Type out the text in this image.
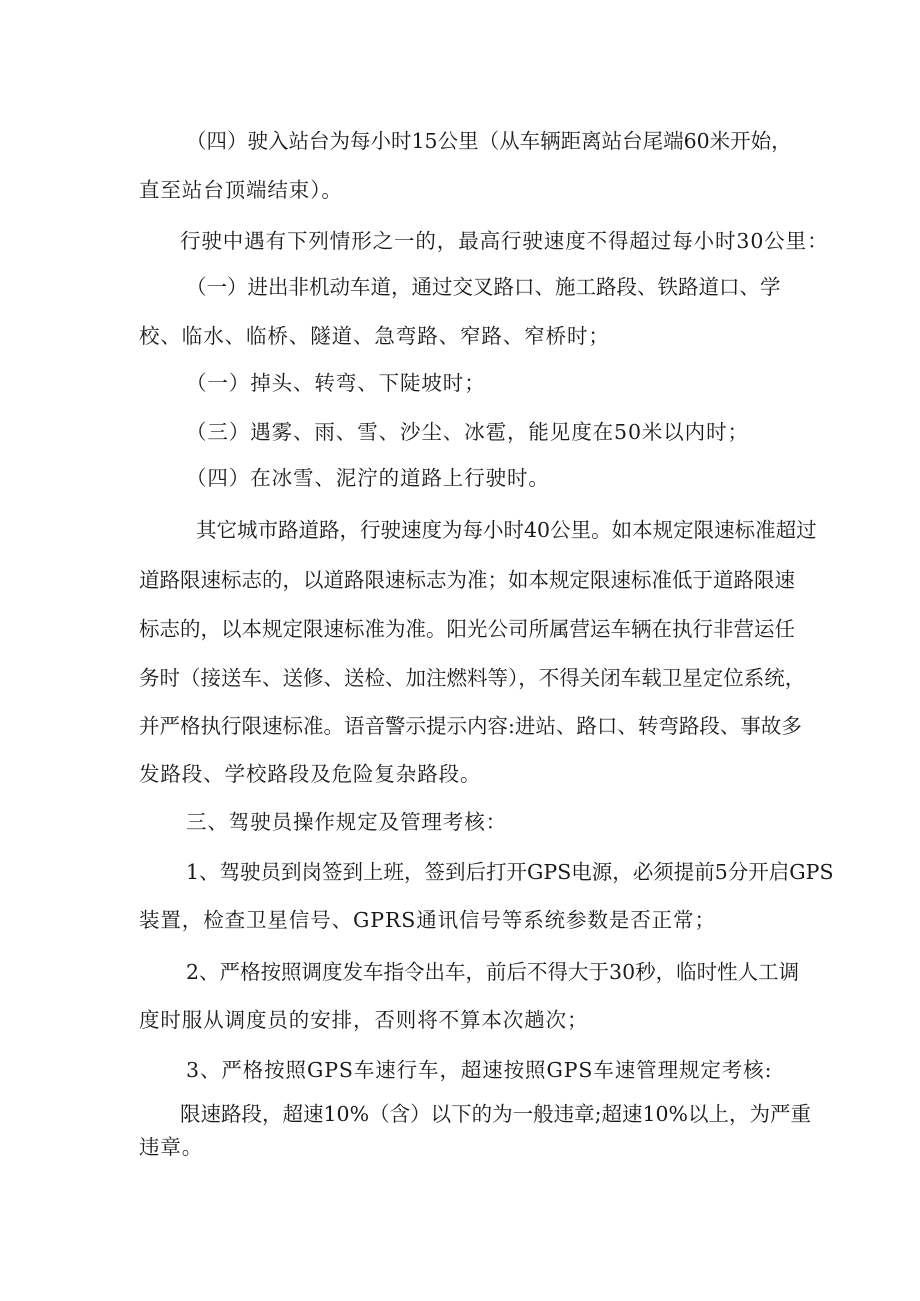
（四）驶入站台为每小时15公里（从车辆距离站台尾端60米开始，

直至站台顶端结束）。

行驶中遇有下列情形之一的，最高行驶速度不得超过每小时30公里：

（一）进出非机动车道，通过交叉路口、施工路段、铁路道口、学

校、临水、临桥、隧道、急弯路、窄路、窄桥时；

（一）掉头、转弯、下陡坡时；

（三）遇雾、雨、雪、沙尘、冰雹，能见度在50米以内时；

（四）在冰雪、泥泞的道路上行驶时。

其它城市路道路，行驶速度为每小时40公里。如本规定限速标准超过

道路限速标志的，以道路限速标志为准；如本规定限速标准低于道路限速

标志的，以本规定限速标准为准。阳光公司所属营运车辆在执行非营运任

务时（接送车、送修、送检、加注燃料等），不得关闭车载卫星定位系统，

并严格执行限速标准。语音警示提示内容:进站、路口、转弯路段、事故多

发路段、学校路段及危险复杂路段。

三、驾驶员操作规定及管理考核：

1、驾驶员到岗签到上班，签到后打开GPS电源，必须提前5分开启GPS

装置，检查卫星信号、GPRS通讯信号等系统参数是否正常；

2、严格按照调度发车指令出车，前后不得大于30秒，临时性人工调

度时服从调度员的安排，否则将不算本次趟次；

3、严格按照GPS车速行车，超速按照GPS车速管理规定考核:

限速路段，超速10%（含）以下的为一般违章;超速10%以上，为严重

违章。
